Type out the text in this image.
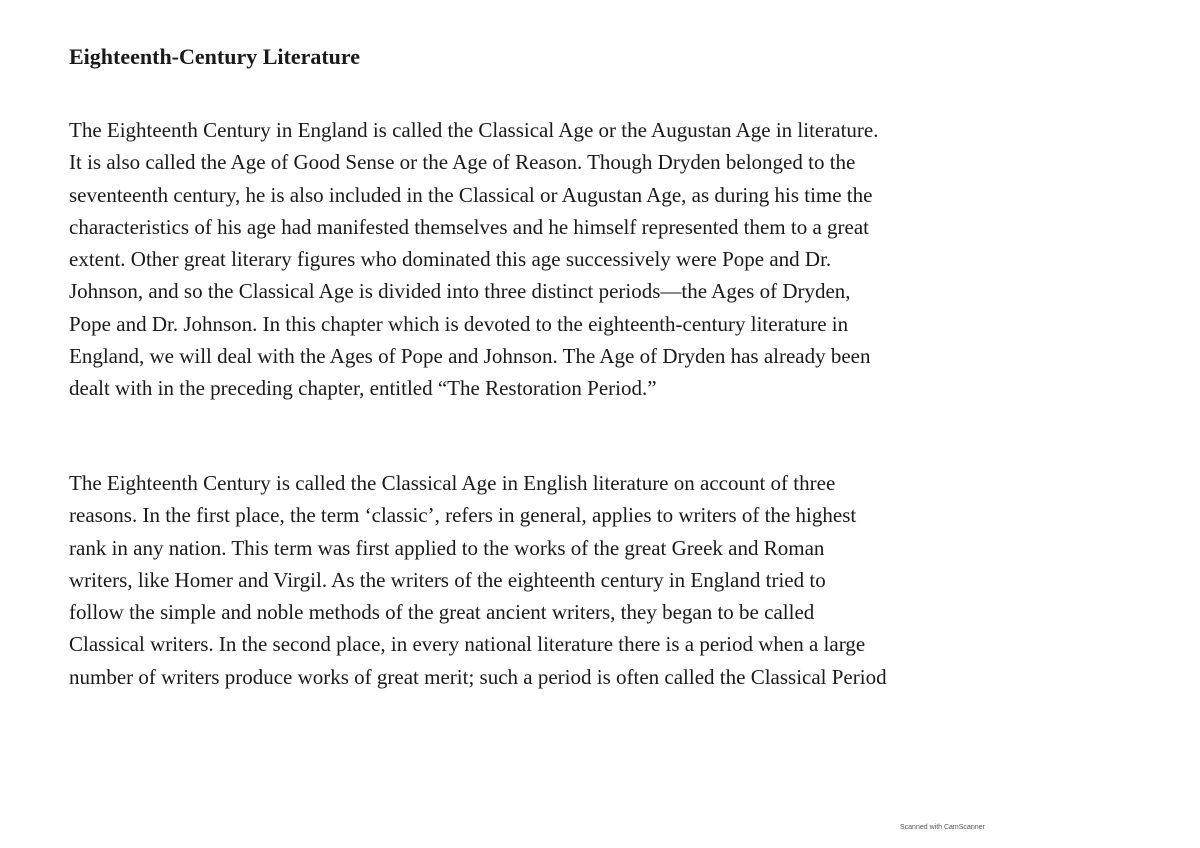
Eighteenth-Century Literature

The Eighteenth Century in England is called the Classical Age or the Augustan Age in literature.
It is also called the Age of Good Sense or the Age of Reason. Though Dryden belonged to the
seventeenth century, he is also included in the Classical or Augustan Age, as during his time the
characteristics of his age had manifested themselves and he himself represented them to a great
extent. Other great literary figures who dominated this age successively were Pope and Dr.
Johnson, and so the Classical Age is divided into three distinct periods—the Ages of Dryden,
Pope and Dr. Johnson. In this chapter which is devoted to the eighteenth-century literature in
England, we will deal with the Ages of Pope and Johnson. The Age of Dryden has already been
dealt with in the preceding chapter, entitled “The Restoration Period.”

The Eighteenth Century is called the Classical Age in English literature on account of three
reasons. In the first place, the term ‘classic’, refers in general, applies to writers of the highest
rank in any nation. This term was first applied to the works of the great Greek and Roman
writers, like Homer and Virgil. As the writers of the eighteenth century in England tried to
follow the simple and noble methods of the great ancient writers, they began to be called
Classical writers. In the second place, in every national literature there is a period when a large
number of writers produce works of great merit; such a period is often called the Classical Period

Scanned with CamScanner
